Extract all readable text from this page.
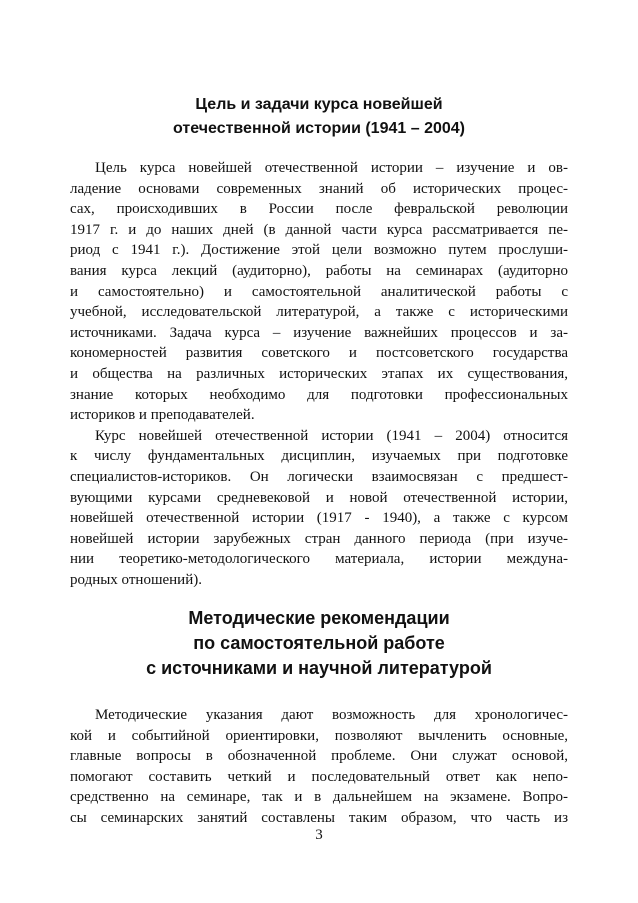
Цель и задачи курса новейшей
отечественной истории (1941 – 2004)
Цель курса новейшей отечественной истории – изучение и ов-
ладение основами современных знаний об исторических процес-
сах, происходивших в России после февральской революции
1917 г. и до наших дней (в данной части курса рассматривается пе-
риод с 1941 г.). Достижение этой цели возможно путем прослуши-
вания курса лекций (аудиторно), работы на семинарах (аудиторно
и самостоятельно) и самостоятельной аналитической работы с
учебной, исследовательской литературой, а также с историческими
источниками. Задача курса – изучение важнейших процессов и за-
кономерностей развития советского и постсоветского государства
и общества на различных исторических этапах их существования,
знание которых необходимо для подготовки профессиональных
историков и преподавателей.
Курс новейшей отечественной истории (1941 – 2004) относится
к числу фундаментальных дисциплин, изучаемых при подготовке
специалистов-историков. Он логически взаимосвязан с предшест-
вующими курсами средневековой и новой отечественной истории,
новейшей отечественной истории (1917 - 1940), а также с курсом
новейшей истории зарубежных стран данного периода (при изуче-
нии теоретико-методологического материала, истории междуна-
родных отношений).
Методические рекомендации
по самостоятельной работе
с источниками и научной литературой
Методические указания дают возможность для хронологичес-
кой и событийной ориентировки, позволяют вычленить основные,
главные вопросы в обозначенной проблеме. Они служат основой,
помогают составить четкий и последовательный ответ как непо-
средственно на семинаре, так и в дальнейшем на экзамене. Вопро-
сы семинарских занятий составлены таким образом, что часть из
3
